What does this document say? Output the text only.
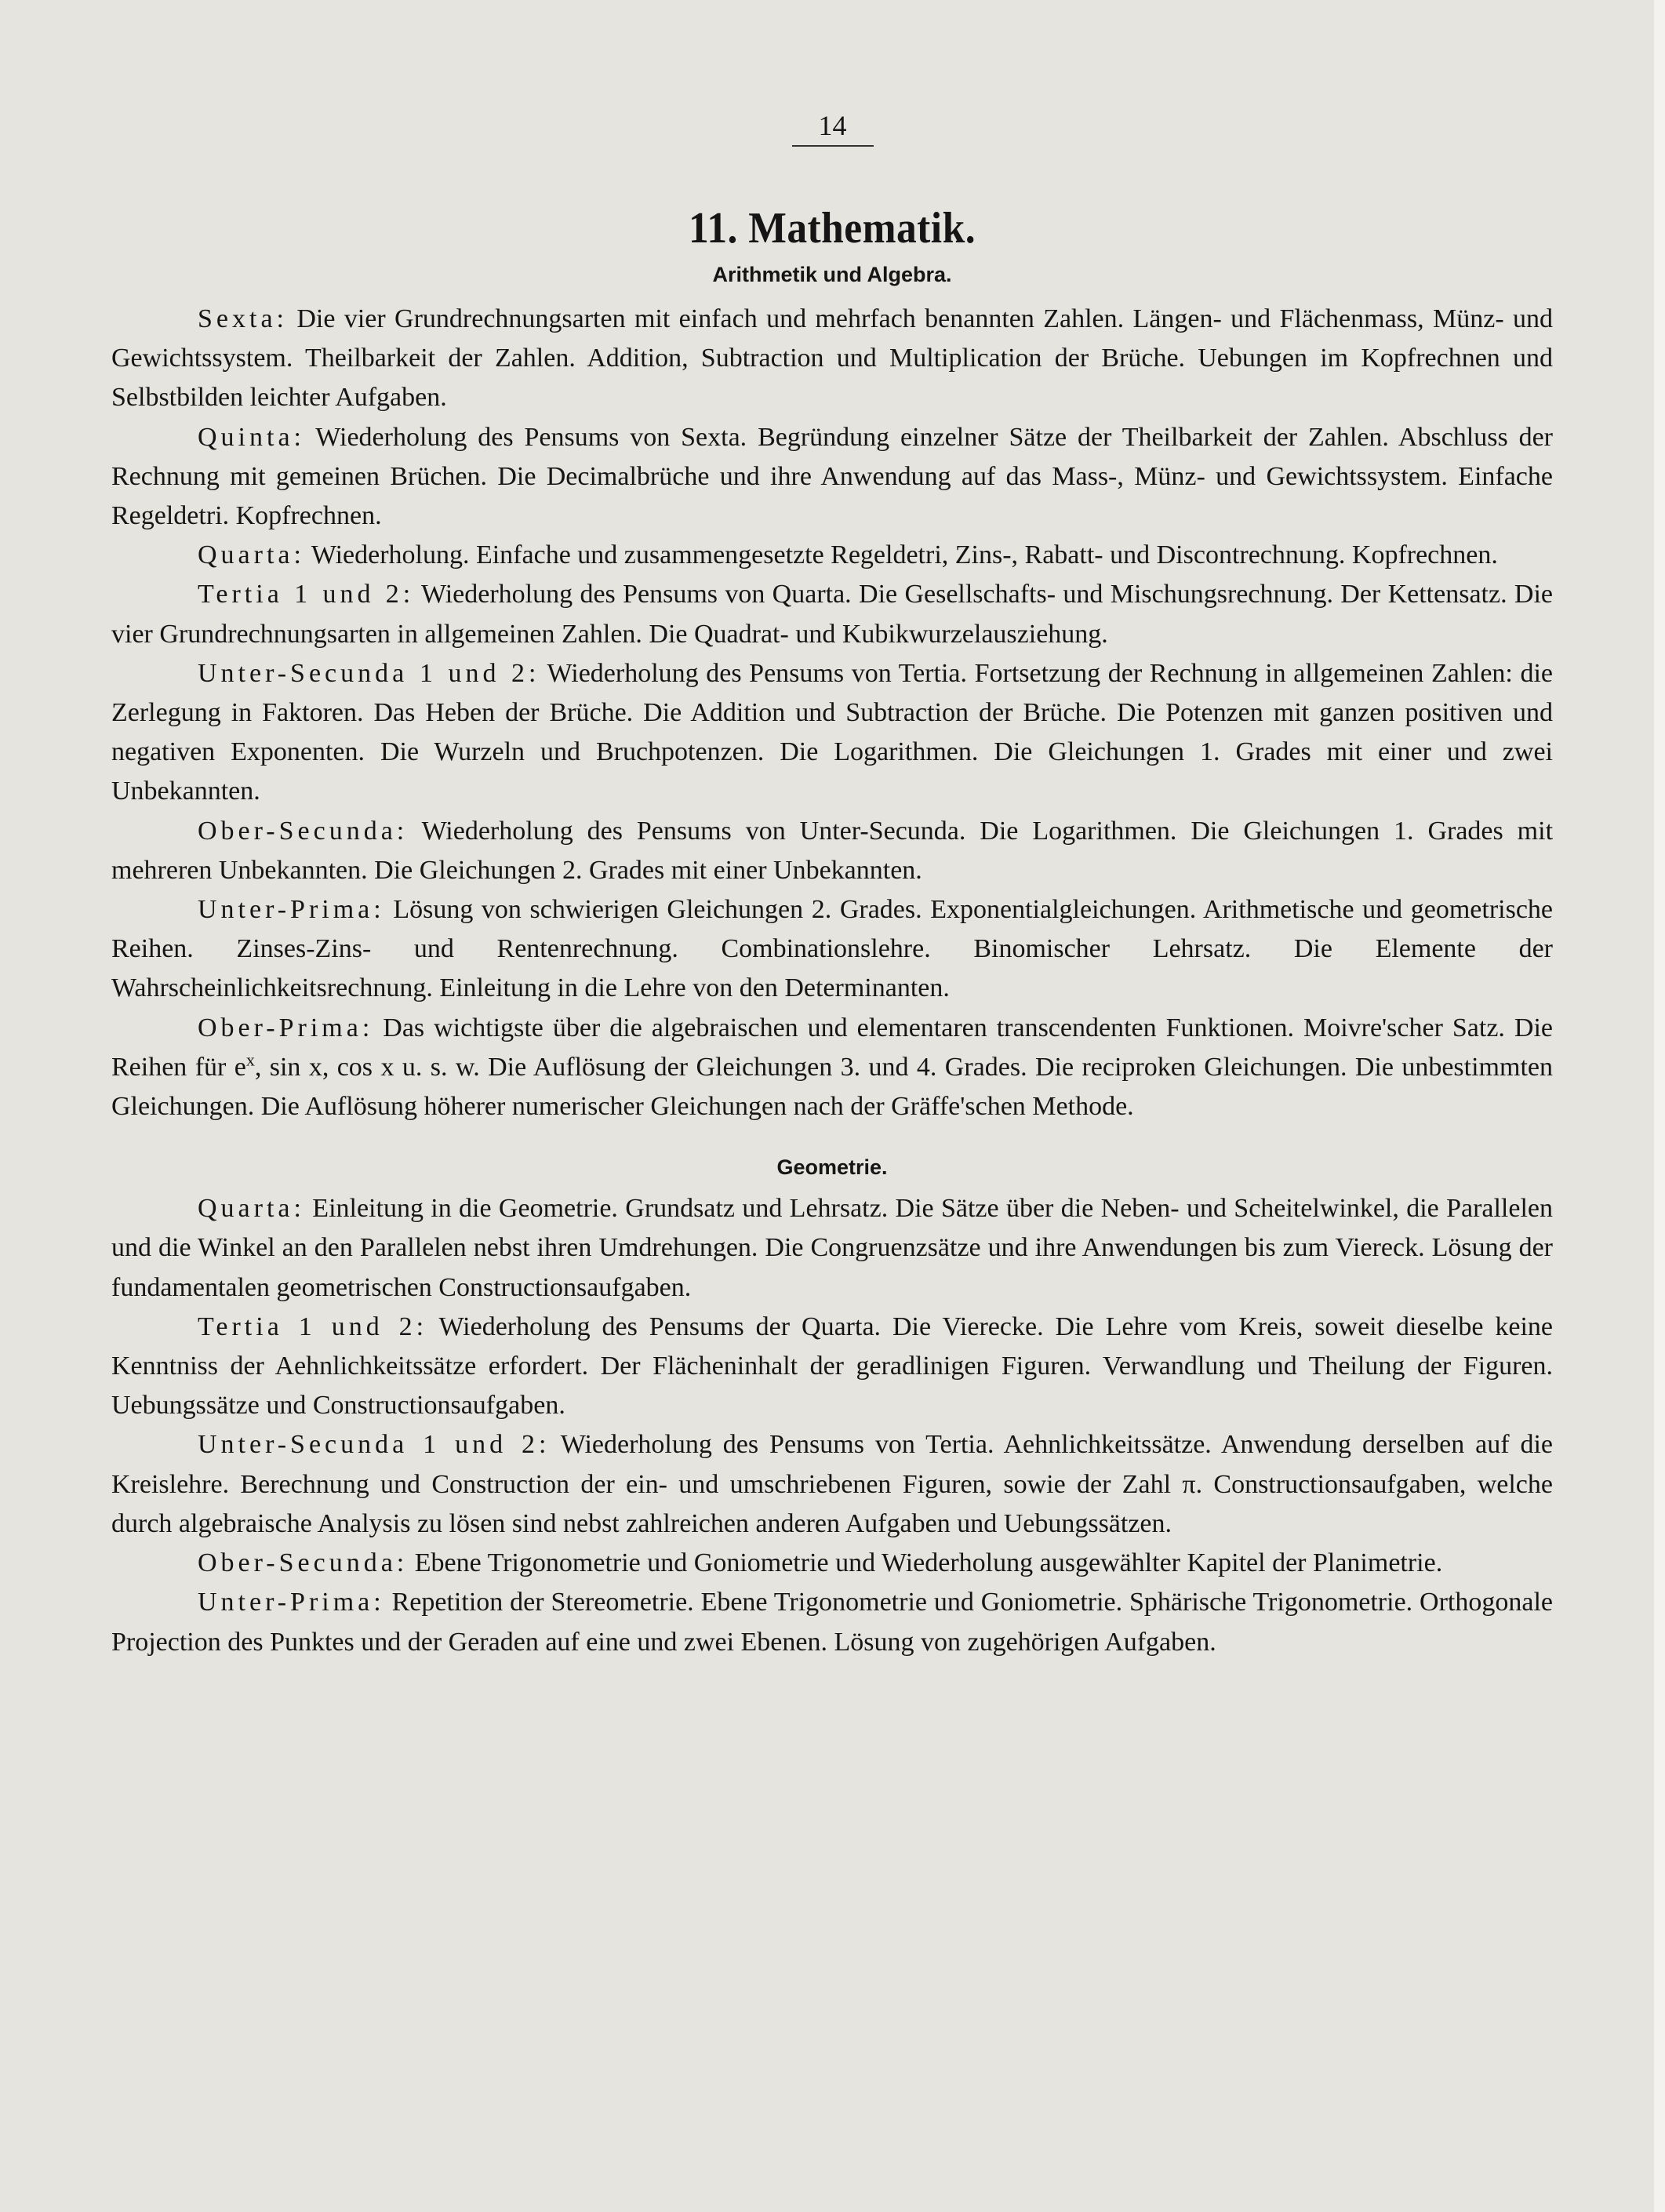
14
11. Mathematik.
Arithmetik und Algebra.

Sexta: Die vier Grundrechnungsarten mit einfach und mehrfach benannten Zahlen. Längen- und Flächenmass, Münz- und Gewichtssystem. Theilbarkeit der Zahlen. Addition, Subtraction und Multiplication der Brüche. Uebungen im Kopfrechnen und Selbstbilden leichter Aufgaben.

Quinta: Wiederholung des Pensums von Sexta. Begründung einzelner Sätze der Theilbarkeit der Zahlen. Abschluss der Rechnung mit gemeinen Brüchen. Die Decimalbrüche und ihre Anwendung auf das Mass-, Münz- und Gewichtssystem. Einfache Regeldetri. Kopfrechnen.

Quarta: Wiederholung. Einfache und zusammengesetzte Regeldetri, Zins-, Rabatt- und Discontrechnung. Kopfrechnen.

Tertia 1 und 2: Wiederholung des Pensums von Quarta. Die Gesellschafts- und Mischungsrechnung. Der Kettensatz. Die vier Grundrechnungsarten in allgemeinen Zahlen. Die Quadrat- und Kubikwurzelausziehung.

Unter-Secunda 1 und 2: Wiederholung des Pensums von Tertia. Fortsetzung der Rechnung in allgemeinen Zahlen: die Zerlegung in Faktoren. Das Heben der Brüche. Die Addition und Subtraction der Brüche. Die Potenzen mit ganzen positiven und negativen Exponenten. Die Wurzeln und Bruchpotenzen. Die Logarithmen. Die Gleichungen 1. Grades mit einer und zwei Unbekannten.

Ober-Secunda: Wiederholung des Pensums von Unter-Secunda. Die Logarithmen. Die Gleichungen 1. Grades mit mehreren Unbekannten. Die Gleichungen 2. Grades mit einer Unbekannten.

Unter-Prima: Lösung von schwierigen Gleichungen 2. Grades. Exponentialgleichungen. Arithmetische und geometrische Reihen. Zinses-Zins- und Rentenrechnung. Combinationslehre. Binomischer Lehrsatz. Die Elemente der Wahrscheinlichkeitsrechnung. Einleitung in die Lehre von den Determinanten.

Ober-Prima: Das wichtigste über die algebraischen und elementaren transcendenten Funktionen. Moivre'scher Satz. Die Reihen für $e^x$, sin x, cos x u. s. w. Die Auflösung der Gleichungen 3. und 4. Grades. Die reciproken Gleichungen. Die unbestimmten Gleichungen. Die Auflösung höherer numerischer Gleichungen nach der Gräffe'schen Methode.

Geometrie.

Quarta: Einleitung in die Geometrie. Grundsatz und Lehrsatz. Die Sätze über die Neben- und Scheitelwinkel, die Parallelen und die Winkel an den Parallelen nebst ihren Umdrehungen. Die Congruenzsätze und ihre Anwendungen bis zum Viereck. Lösung der fundamentalen geometrischen Constructionsaufgaben.

Tertia 1 und 2: Wiederholung des Pensums der Quarta. Die Vierecke. Die Lehre vom Kreis, soweit dieselbe keine Kenntniss der Aehnlichkeitssätze erfordert. Der Flächeninhalt der geradlinigen Figuren. Verwandlung und Theilung der Figuren. Uebungssätze und Constructionsaufgaben.

Unter-Secunda 1 und 2: Wiederholung des Pensums von Tertia. Aehnlichkeitssätze. Anwendung derselben auf die Kreislehre. Berechnung und Construction der ein- und umschriebenen Figuren, sowie der Zahl π. Constructionsaufgaben, welche durch algebraische Analysis zu lösen sind nebst zahlreichen anderen Aufgaben und Uebungssätzen.

Ober-Secunda: Ebene Trigonometrie und Goniometrie und Wiederholung ausgewählter Kapitel der Planimetrie.

Unter-Prima: Repetition der Stereometrie. Ebene Trigonometrie und Goniometrie. Sphärische Trigonometrie. Orthogonale Projection des Punktes und der Geraden auf eine und zwei Ebenen. Lösung von zugehörigen Aufgaben.
